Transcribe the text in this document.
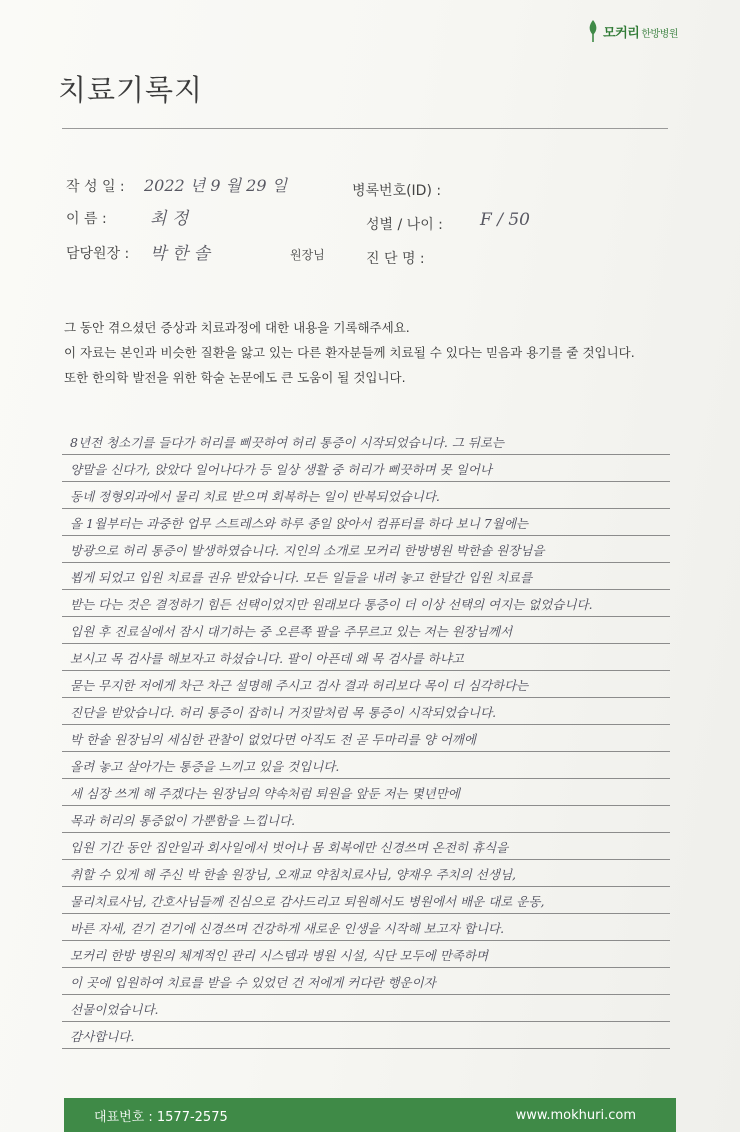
모커리 한방병원
치료기록지
작 성 일 : 2022 년 9 월 29 일
이 름 :	최 정
담당원장 : 박 한 솔	원장님
병록번호(ID) :
성별 / 나이 : F / 50
진 단 명 :
그 동안 겪으셨던 증상과 치료과정에 대한 내용을 기록해주세요.
이 자료는 본인과 비슷한 질환을 앓고 있는 다른 환자분들께 치료될 수 있다는 믿음과 용기를 줄 것입니다.
또한 한의학 발전을 위한 학술 논문에도 큰 도움이 될 것입니다.
8년전 청소기를 들다가 허리를 삐끗하여 허리 통증이 시작되었습니다. 그 뒤로는
양말을 신다가, 앉았다 일어나다가 등 일상 생활 중 허리가 삐끗하며 못 일어나
동네 정형외과에서 물리 치료 받으며 회복하는 일이 반복되었습니다.
올 1월부터는 과중한 업무 스트레스와 하루 종일 앉아서 컴퓨터를 하다 보니 7월에는
방광으로 허리 통증이 발생하였습니다. 지인의 소개로 모커리 한방병원 박한솔 원장님을
뵙게 되었고 입원 치료를 권유 받았습니다. 모든 일들을 내려 놓고 한달간 입원 치료를
받는 다는 것은 결정하기 힘든 선택이었지만 원래보다 통증이 더 이상 선택의 여지는 없었습니다.
입원 후 진료실에서 잠시 대기하는 중 오른쪽 팔을 주무르고 있는 저는 원장님께서
보시고 목 검사를 해보자고 하셨습니다. 팔이 아픈데 왜 목 검사를 하냐고
묻는 무지한 저에게 차근 차근 설명해 주시고 검사 결과 허리보다 목이 더 심각하다는
진단을 받았습니다. 허리 통증이 잡히니 거짓말처럼 목 통증이 시작되었습니다.
박 한솔 원장님의 세심한 관찰이 없었다면 아직도 전 곧 두마리를 양 어깨에
올려 놓고 살아가는 통증을 느끼고 있을 것입니다.
세 심장 쓰게 해 주겠다는 원장님의 약속처럼 퇴원을 앞둔 저는 몇년만에
목과 허리의 통증없이 가뿐함을 느낍니다.
입원 기간 동안 집안일과 회사일에서 벗어나 몸 회복에만 신경쓰며 온전히 휴식을
취할 수 있게 해 주신 박 한솔 원장님, 오재교 약침치료사님, 양재우 주치의 선생님,
물리치료사님, 간호사님들께 진심으로 감사드리고 퇴원해서도 병원에서 배운 대로 운동,
바른 자세, 걷기 걷기에 신경쓰며 건강하게 새로운 인생을 시작해 보고자 합니다.
모커리 한방 병원의 체계적인 관리 시스템과 병원 시설, 식단 모두에 만족하며
이 곳에 입원하여 치료를 받을 수 있었던 건 저에게 커다란 행운이자
선물이었습니다.
감사합니다.
대표번호 : 1577-2575	www.mokhuri.com
